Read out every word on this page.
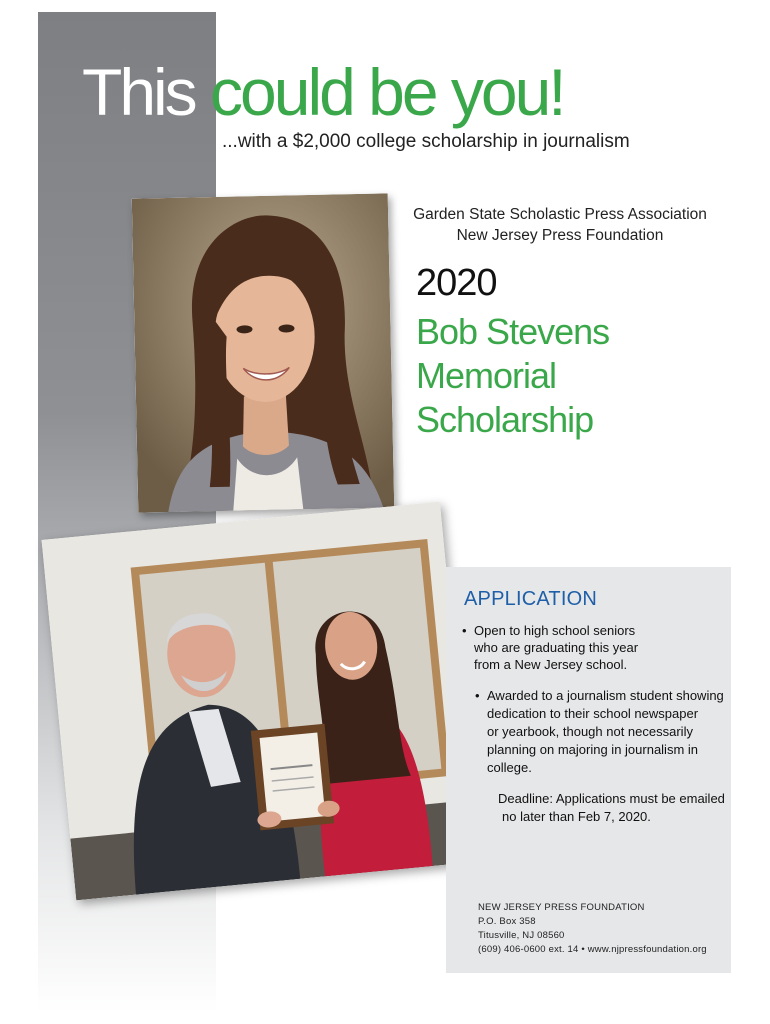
This could be you!
...with a $2,000 college scholarship in journalism
Garden State Scholastic Press Association
New Jersey Press Foundation
2020
Bob Stevens
Memorial
Scholarship
APPLICATION
• Open to high school seniors
who are graduating this year
from a New Jersey school.
• Awarded to a journalism student showing
dedication to their school newspaper
or yearbook, though not necessarily
planning on majoring in journalism in
college.
Deadline: Applications must be emailed
no later than Feb 7, 2020.
NEW JERSEY PRESS FOUNDATION
P.O. Box 358
Titusville, NJ 08560
(609) 406-0600 ext. 14 • www.njpressfoundation.org
